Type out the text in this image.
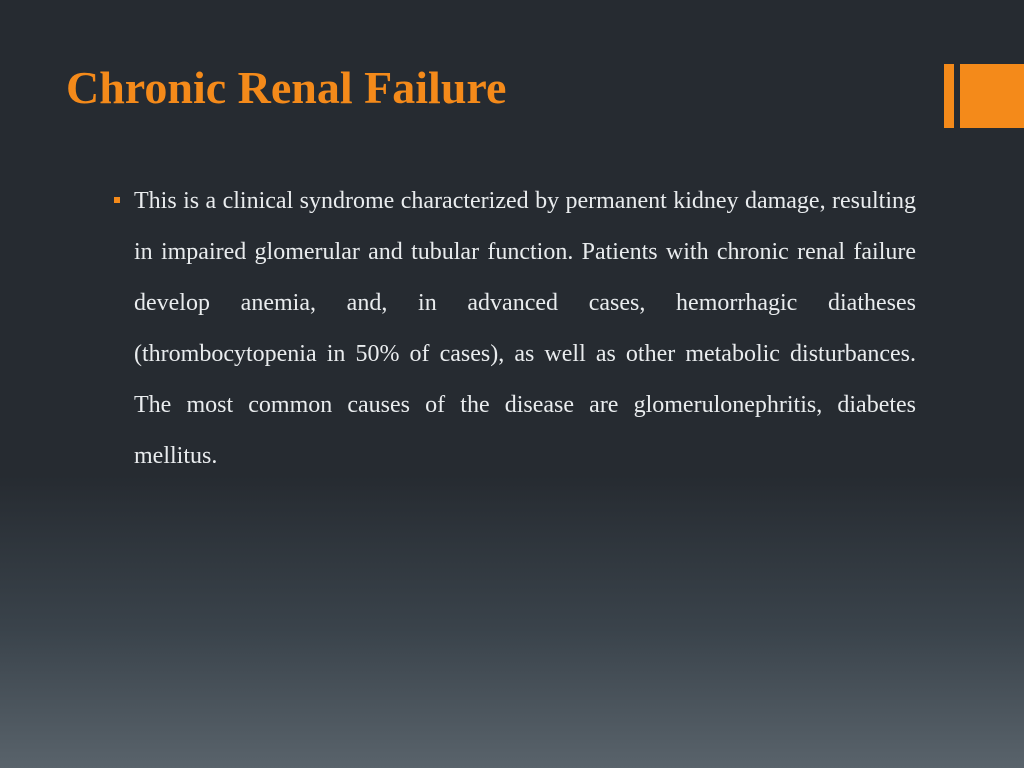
Chronic Renal Failure

This is a clinical syndrome characterized by permanent kidney damage, resulting in impaired glomerular and tubular function. Patients with chronic renal failure develop anemia, and, in advanced cases, hemorrhagic diatheses (thrombocytopenia in 50% of cases), as well as other metabolic disturbances. The most common causes of the disease are glomerulonephritis, diabetes mellitus.
